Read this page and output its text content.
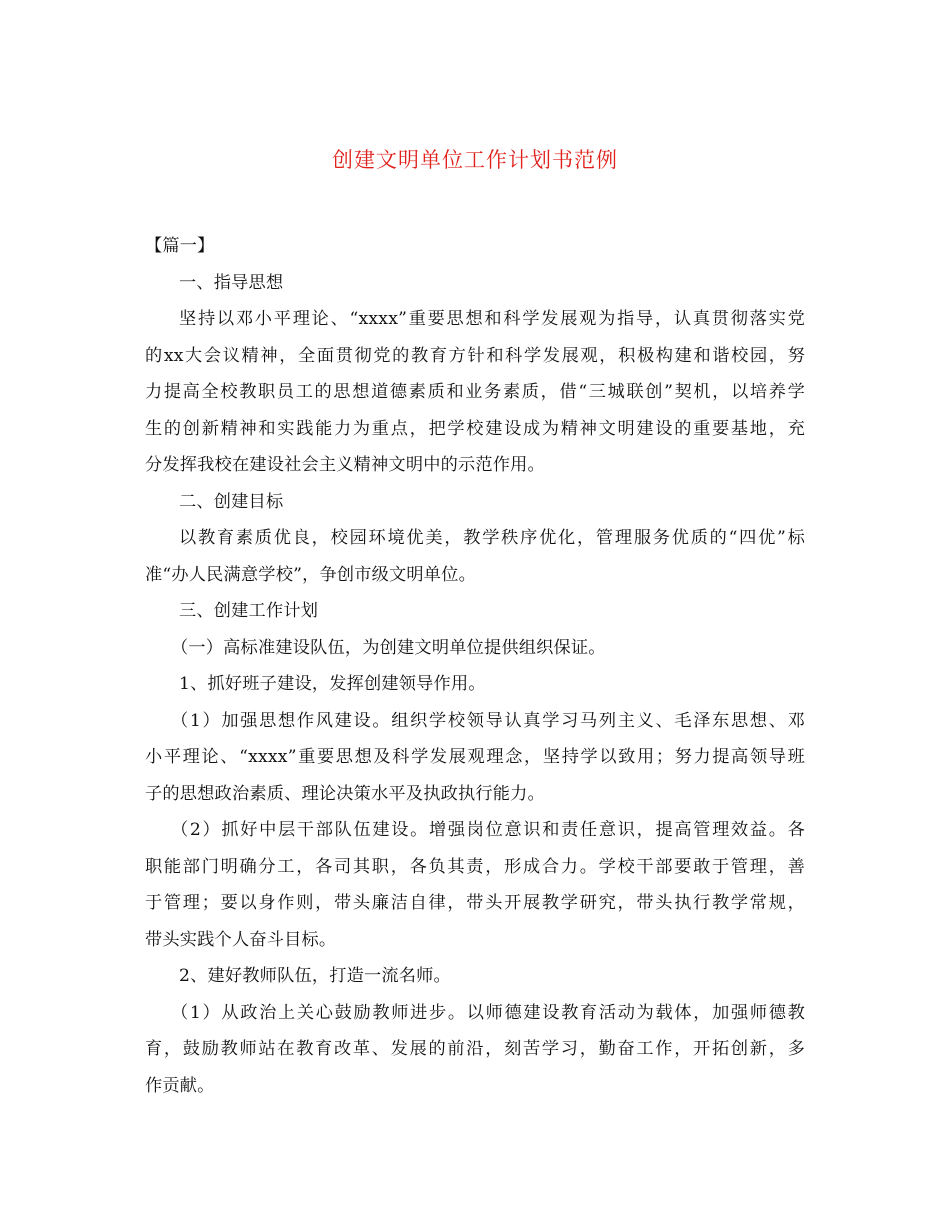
创建文明单位工作计划书范例
【篇一】
一、指导思想
坚持以邓小平理论、“xxxx”重要思想和科学发展观为指导，认真贯彻落实党
的xx大会议精神，全面贯彻党的教育方针和科学发展观，积极构建和谐校园，努
力提高全校教职员工的思想道德素质和业务素质，借“三城联创”契机，以培养学
生的创新精神和实践能力为重点，把学校建设成为精神文明建设的重要基地，充
分发挥我校在建设社会主义精神文明中的示范作用。
二、创建目标
以教育素质优良，校园环境优美，教学秩序优化，管理服务优质的“四优”标
准“办人民满意学校”，争创市级文明单位。
三、创建工作计划
（一）高标准建设队伍，为创建文明单位提供组织保证。
1、抓好班子建设，发挥创建领导作用。
（1）加强思想作风建设。组织学校领导认真学习马列主义、毛泽东思想、邓
小平理论、“xxxx”重要思想及科学发展观理念，坚持学以致用；努力提高领导班
子的思想政治素质、理论决策水平及执政执行能力。
（2）抓好中层干部队伍建设。增强岗位意识和责任意识，提高管理效益。各
职能部门明确分工，各司其职，各负其责，形成合力。学校干部要敢于管理，善
于管理；要以身作则，带头廉洁自律，带头开展教学研究，带头执行教学常规，
带头实践个人奋斗目标。
2、建好教师队伍，打造一流名师。
（1）从政治上关心鼓励教师进步。以师德建设教育活动为载体，加强师德教
育，鼓励教师站在教育改革、发展的前沿，刻苦学习，勤奋工作，开拓创新，多
作贡献。
